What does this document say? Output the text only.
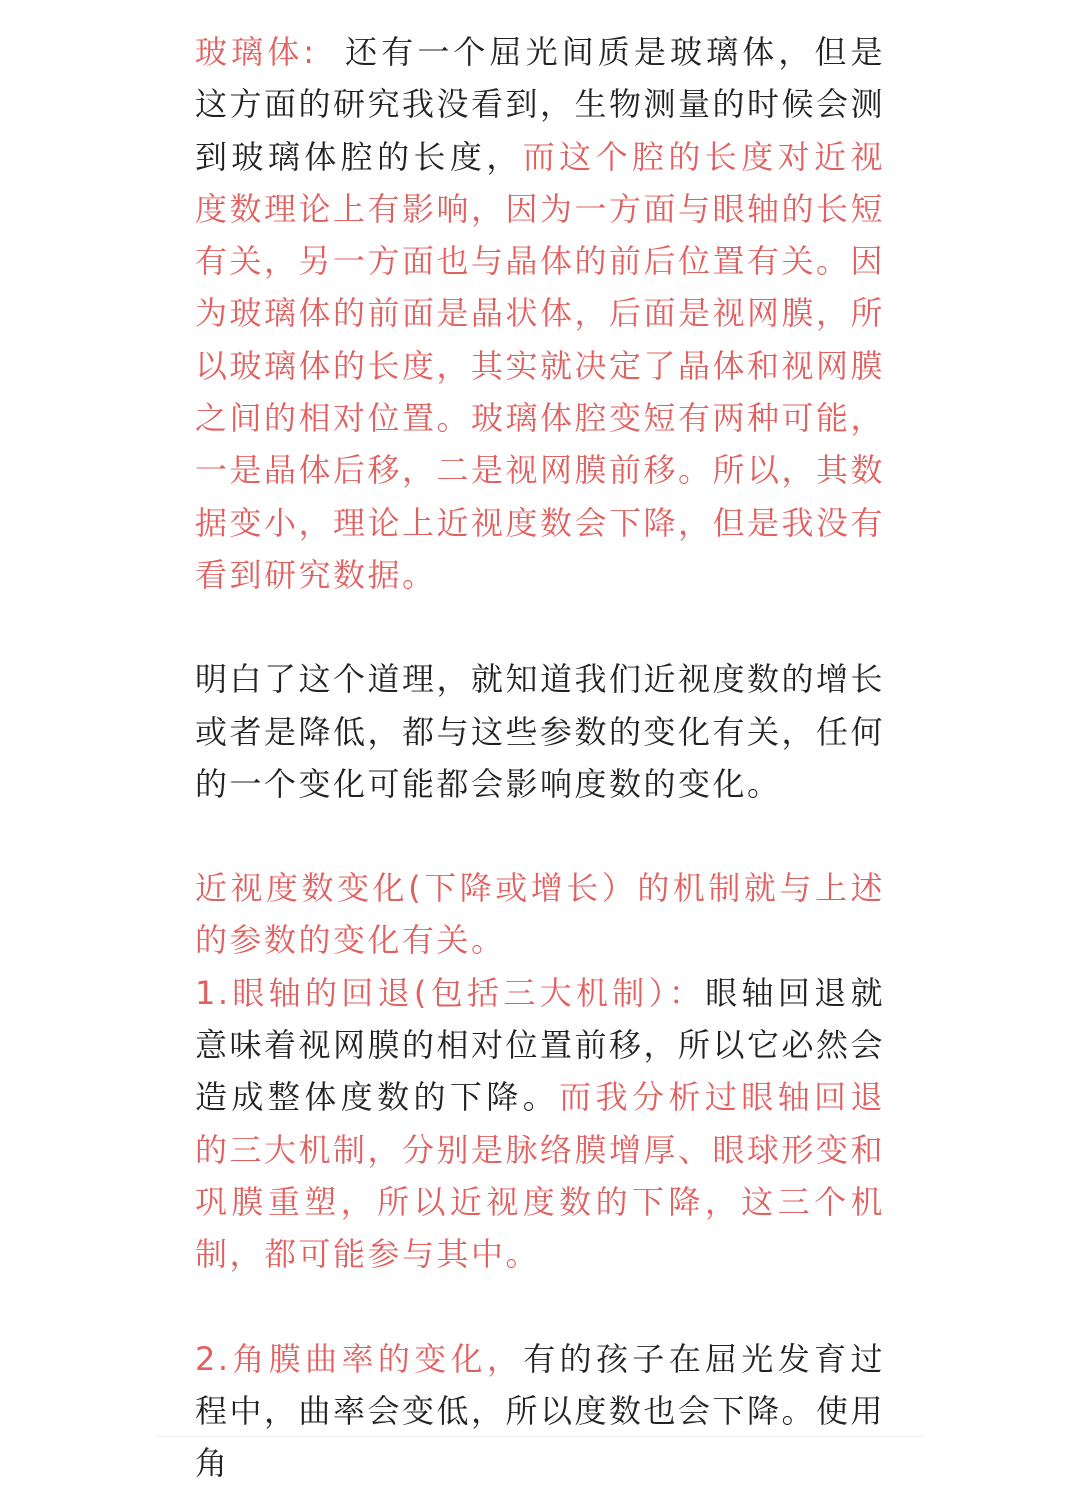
玻璃体: 还有一个屈光间质是玻璃体，但是这方面的研究我没看到，生物测量的时候会测到玻璃体腔的长度，而这个腔的长度对近视度数理论上有影响，因为一方面与眼轴的长短有关，另一方面也与晶体的前后位置有关。因为玻璃体的前面是晶状体，后面是视网膜，所以玻璃体的长度，其实就决定了晶体和视网膜之间的相对位置。玻璃体腔变短有两种可能，一是晶体后移，二是视网膜前移。所以，其数据变小，理论上近视度数会下降，但是我没有看到研究数据。

明白了这个道理，就知道我们近视度数的增长或者是降低，都与这些参数的变化有关，任何的一个变化可能都会影响度数的变化。

近视度数变化(下降或增长）的机制就与上述的参数的变化有关。
1.眼轴的回退(包括三大机制）：眼轴回退就意味着视网膜的相对位置前移，所以它必然会造成整体度数的下降。而我分析过眼轴回退的三大机制，分别是脉络膜增厚、眼球形变和巩膜重塑，所以近视度数的下降，这三个机制，都可能参与其中。

2.角膜曲率的变化，有的孩子在屈光发育过程中，曲率会变低，所以度数也会下降。使用角
